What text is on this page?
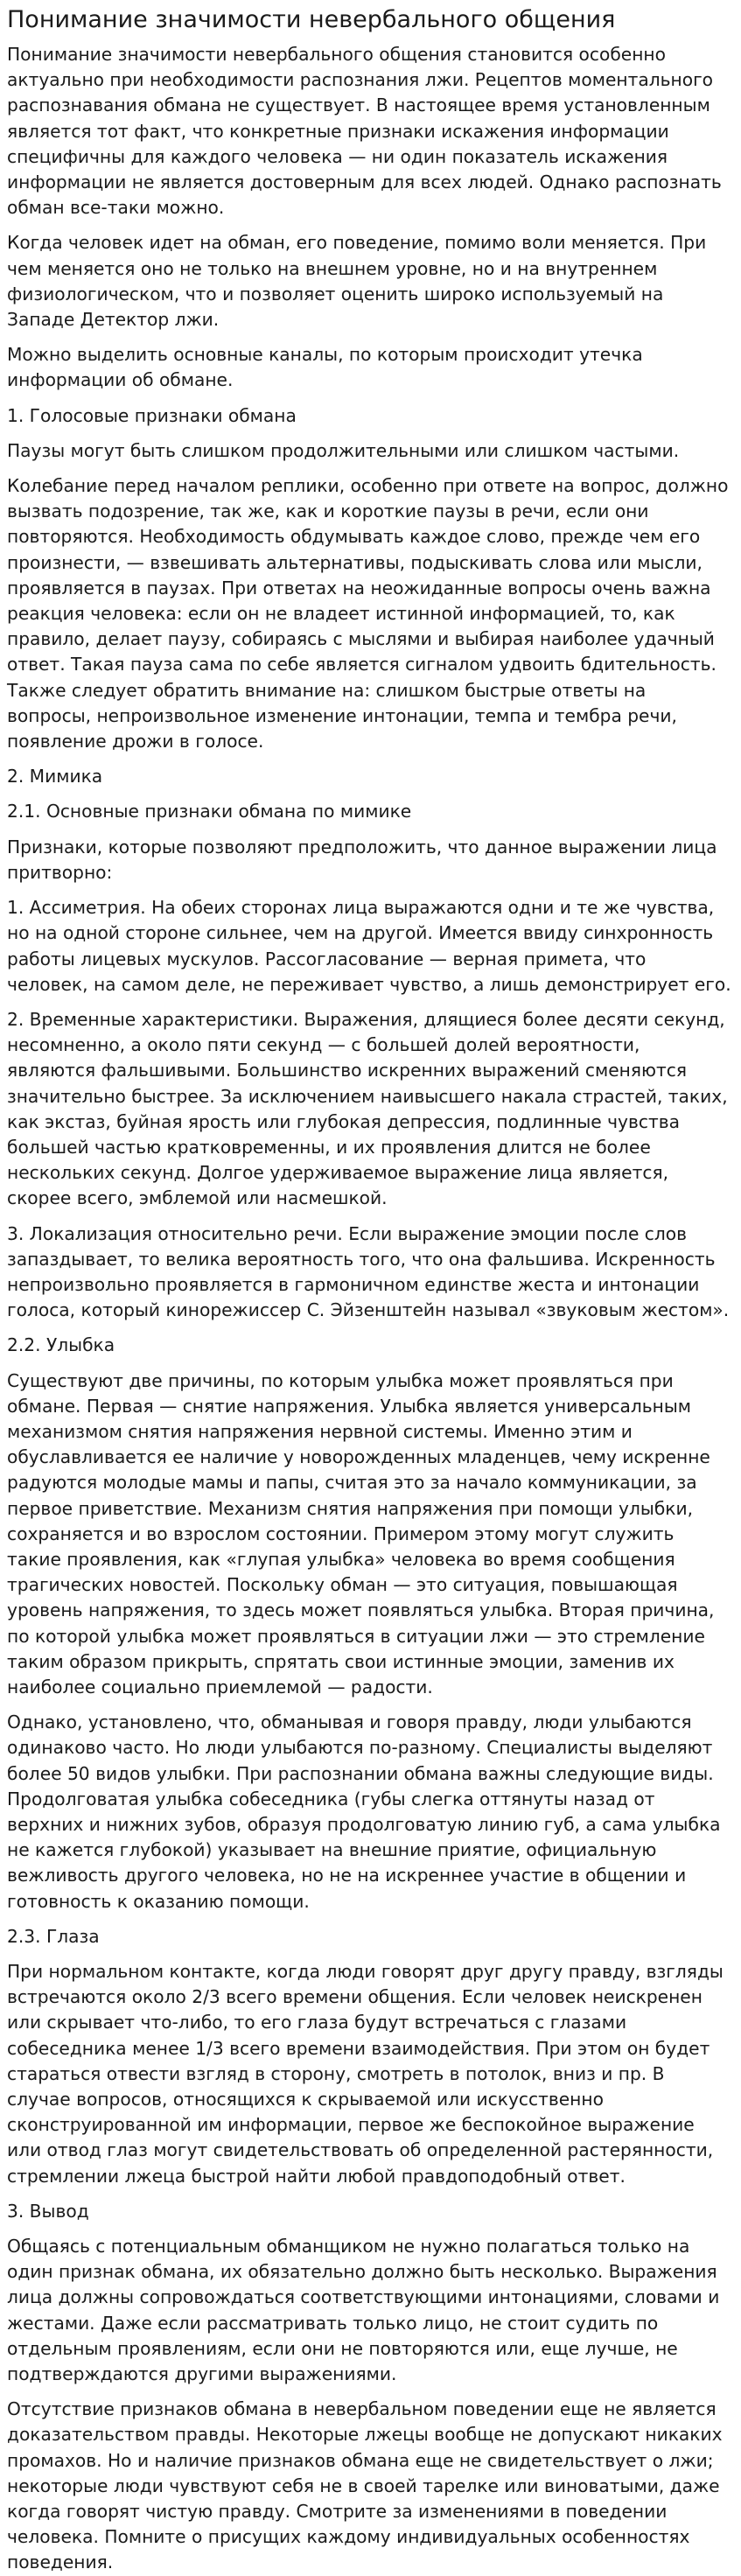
Понимание значимости невербального общения

Понимание значимости невербального общения становится особенно актуально при необходимости распознания лжи. Рецептов моментального распознавания обмана не существует. В настоящее время установленным является тот факт, что конкретные признаки искажения информации специфичны для каждого человека — ни один показатель искажения информации не является достоверным для всех людей. Однако распознать обман все-таки можно.

Когда человек идет на обман, его поведение, помимо воли меняется. При чем меняется оно не только на внешнем уровне, но и на внутреннем физиологическом, что и позволяет оценить широко используемый на Западе Детектор лжи.

Можно выделить основные каналы, по которым происходит утечка информации об обмане.

1. Голосовые признаки обмана

Паузы могут быть слишком продолжительными или слишком частыми.

Колебание перед началом реплики, особенно при ответе на вопрос, должно вызвать подозрение, так же, как и короткие паузы в речи, если они повторяются. Необходимость обдумывать каждое слово, прежде чем его произнести, — взвешивать альтернативы, подыскивать слова или мысли, проявляется в паузах. При ответах на неожиданные вопросы очень важна реакция человека: если он не владеет истинной информацией, то, как правило, делает паузу, собираясь с мыслями и выбирая наиболее удачный ответ. Такая пауза сама по себе является сигналом удвоить бдительность. Также следует обратить внимание на: слишком быстрые ответы на вопросы, непроизвольное изменение интонации, темпа и тембра речи, появление дрожи в голосе.

2. Мимика
2.1. Основные признаки обмана по мимике

Признаки, которые позволяют предположить, что данное выражении лица притворно:

1. Ассиметрия. На обеих сторонах лица выражаются одни и те же чувства, но на одной стороне сильнее, чем на другой. Имеется ввиду синхронность работы лицевых мускулов. Рассогласование — верная примета, что человек, на самом деле, не переживает чувство, а лишь демонстрирует его.

2. Временные характеристики. Выражения, длящиеся более десяти секунд, несомненно, а около пяти секунд — с большей долей вероятности, являются фальшивыми. Большинство искренних выражений сменяются значительно быстрее. За исключением наивысшего накала страстей, таких, как экстаз, буйная ярость или глубокая депрессия, подлинные чувства большей частью кратковременны, и их проявления длится не более нескольких секунд. Долгое удерживаемое выражение лица является, скорее всего, эмблемой или насмешкой.

3. Локализация относительно речи. Если выражение эмоции после слов запаздывает, то велика вероятность того, что она фальшива. Искренность непроизвольно проявляется в гармоничном единстве жеста и интонации голоса, который кинорежиссер С. Эйзенштейн называл «звуковым жестом».

2.2. Улыбка

Существуют две причины, по которым улыбка может проявляться при обмане. Первая — снятие напряжения. Улыбка является универсальным механизмом снятия напряжения нервной системы. Именно этим и обуславливается ее наличие у новорожденных младенцев, чему искренне радуются молодые мамы и папы, считая это за начало коммуникации, за первое приветствие. Механизм снятия напряжения при помощи улыбки, сохраняется и во взрослом состоянии. Примером этому могут служить такие проявления, как «глупая улыбка» человека во время сообщения трагических новостей. Поскольку обман — это ситуация, повышающая уровень напряжения, то здесь может появляться улыбка. Вторая причина, по которой улыбка может проявляться в ситуации лжи — это стремление таким образом прикрыть, спрятать свои истинные эмоции, заменив их наиболее социально приемлемой — радости.

Однако, установлено, что, обманывая и говоря правду, люди улыбаются одинаково часто. Но люди улыбаются по-разному. Специалисты выделяют более 50 видов улыбки. При распознании обмана важны следующие виды. Продолговатая улыбка собеседника (губы слегка оттянуты назад от верхних и нижних зубов, образуя продолговатую линию губ, а сама улыбка не кажется глубокой) указывает на внешние приятие, официальную вежливость другого человека, но не на искреннее участие в общении и готовность к оказанию помощи.

2.3. Глаза

При нормальном контакте, когда люди говорят друг другу правду, взгляды встречаются около 2/3 всего времени общения. Если человек неискренен или скрывает что-либо, то его глаза будут встречаться с глазами собеседника менее 1/3 всего времени взаимодействия. При этом он будет стараться отвести взгляд в сторону, смотреть в потолок, вниз и пр. В случае вопросов, относящихся к скрываемой или искусственно сконструированной им информации, первое же беспокойное выражение или отвод глаз могут свидетельствовать об определенной растерянности, стремлении лжеца быстрой найти любой правдоподобный ответ.

3. Вывод

Общаясь с потенциальным обманщиком не нужно полагаться только на один признак обмана, их обязательно должно быть несколько. Выражения лица должны сопровождаться соответствующими интонациями, словами и жестами. Даже если рассматривать только лицо, не стоит судить по отдельным проявлениям, если они не повторяются или, еще лучше, не подтверждаются другими выражениями.

Отсутствие признаков обмана в невербальном поведении еще не является доказательством правды. Некоторые лжецы вообще не допускают никаких промахов. Но и наличие признаков обмана еще не свидетельствует о лжи; некоторые люди чувствуют себя не в своей тарелке или виноватыми, даже когда говорят чистую правду. Смотрите за изменениями в поведении человека. Помните о присущих каждому индивидуальных особенностях поведения.
